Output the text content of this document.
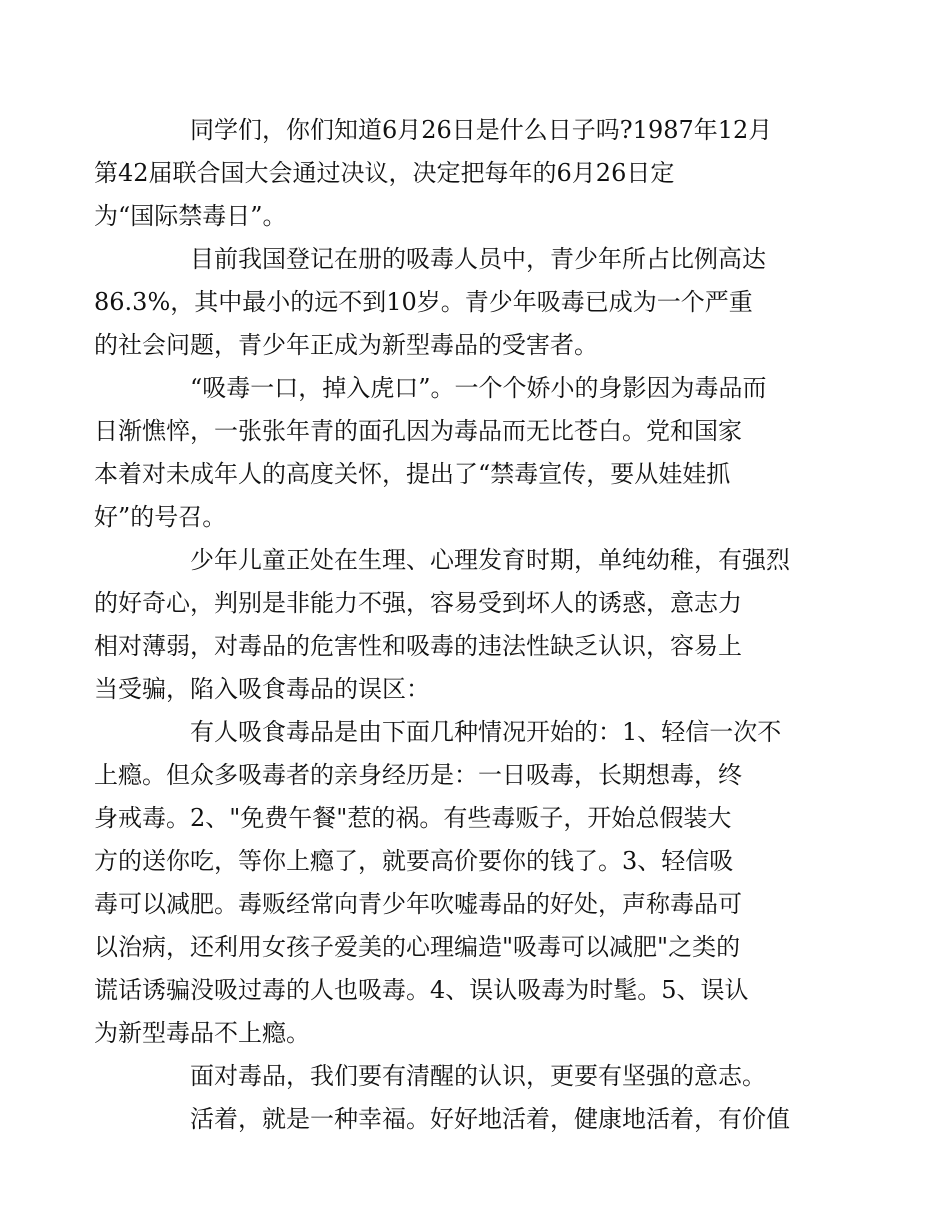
同学们，你们知道6月26日是什么日子吗?1987年12月
第42届联合国大会通过决议，决定把每年的6月26日定
为“国际禁毒日”。

目前我国登记在册的吸毒人员中，青少年所占比例高达
86.3%，其中最小的远不到10岁。青少年吸毒已成为一个严重
的社会问题，青少年正成为新型毒品的受害者。

“吸毒一口，掉入虎口”。一个个娇小的身影因为毒品而
日渐憔悴，一张张年青的面孔因为毒品而无比苍白。党和国家
本着对未成年人的高度关怀，提出了“禁毒宣传，要从娃娃抓
好”的号召。

少年儿童正处在生理、心理发育时期，单纯幼稚，有强烈
的好奇心，判别是非能力不强，容易受到坏人的诱惑，意志力
相对薄弱，对毒品的危害性和吸毒的违法性缺乏认识，容易上
当受骗，陷入吸食毒品的误区：

有人吸食毒品是由下面几种情况开始的：1、轻信一次不
上瘾。但众多吸毒者的亲身经历是：一日吸毒，长期想毒，终
身戒毒。2、"免费午餐"惹的祸。有些毒贩子，开始总假装大
方的送你吃，等你上瘾了，就要高价要你的钱了。3、轻信吸
毒可以减肥。毒贩经常向青少年吹嘘毒品的好处，声称毒品可
以治病，还利用女孩子爱美的心理编造"吸毒可以减肥"之类的
谎话诱骗没吸过毒的人也吸毒。4、误认吸毒为时髦。5、误认
为新型毒品不上瘾。

面对毒品，我们要有清醒的认识，更要有坚强的意志。

活着，就是一种幸福。好好地活着，健康地活着，有价值
